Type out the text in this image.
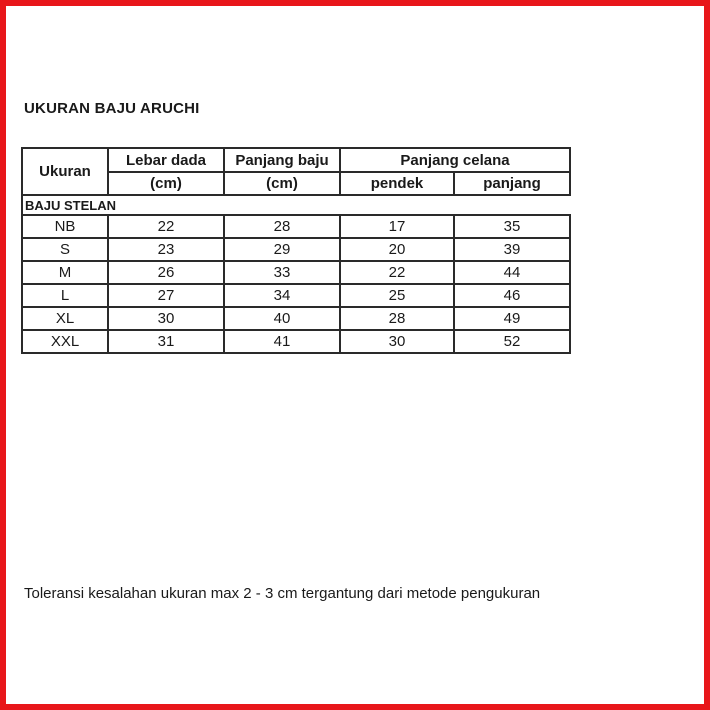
UKURAN BAJU ARUCHI
Ukuran	Lebar dada	Panjang baju	Panjang celana	
	(cm)	(cm)	pendek	panjang
BAJU STELAN				
NB	22	28	17	35
S	23	29	20	39
M	26	33	22	44
L	27	34	25	46
XL	30	40	28	49
XXL	31	41	30	52
Toleransi kesalahan ukuran max 2 - 3 cm tergantung dari metode pengukuran
